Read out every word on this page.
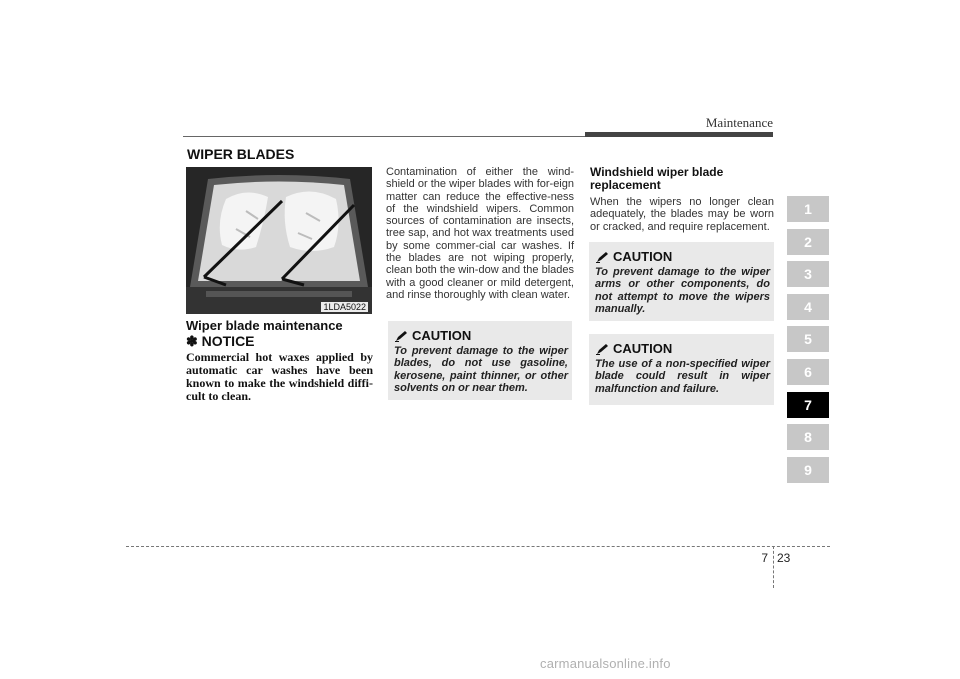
Maintenance
WIPER BLADES
1LDA5022
Wiper blade maintenance
✽ NOTICE
Commercial hot waxes applied by automatic car washes have been known to make the windshield diffi-cult to clean.
Contamination of either the wind-shield or the wiper blades with for-eign matter can reduce the effective-ness of the windshield wipers. Common sources of contamination are insects, tree sap, and hot wax treatments used by some commer-cial car washes. If the blades are not wiping properly, clean both the win-dow and the blades with a good cleaner or mild detergent, and rinse thoroughly with clean water.
CAUTION
To prevent damage to the wiper blades, do not use gasoline, kerosene, paint thinner, or other solvents on or near them.
Windshield wiper blade replacement
When the wipers no longer clean adequately, the blades may be worn or cracked, and require replacement.
CAUTION
To prevent damage to the wiper arms or other components, do not attempt to move the wipers manually.
CAUTION
The use of a non-specified wiper blade could result in wiper malfunction and failure.
1
2
3
4
5
6
7
8
9
7 23
carmanualsonline.info
